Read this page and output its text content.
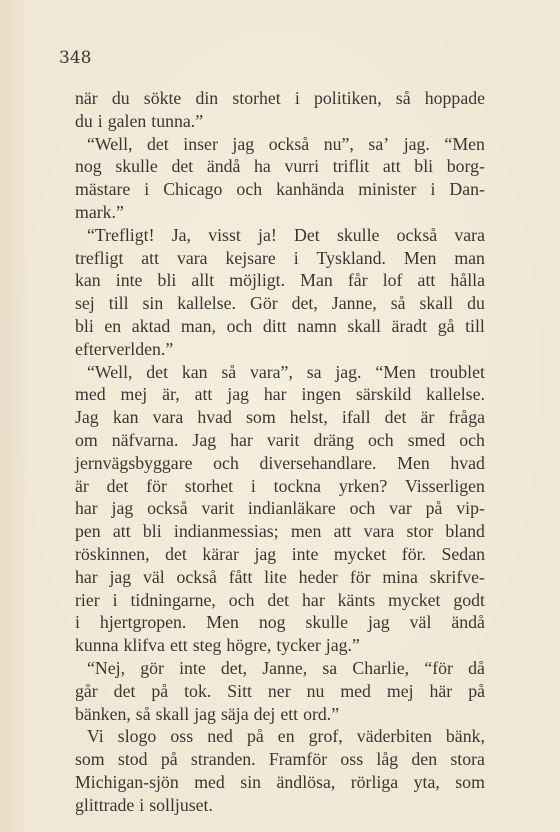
348
när du sökte din storhet i politiken, så hoppade
du i galen tunna.”
“Well, det inser jag också nu”, sa’ jag. “Men
nog skulle det ändå ha vurri triflit att bli borg-
mästare i Chicago och kanhända minister i Dan-
mark.”
“Trefligt! Ja, visst ja! Det skulle också vara
trefligt att vara kejsare i Tyskland. Men man
kan inte bli allt möjligt. Man får lof att hålla
sej till sin kallelse. Gör det, Janne, så skall du
bli en aktad man, och ditt namn skall äradt gå till
efterverlden.”
“Well, det kan så vara”, sa jag. “Men troublet
med mej är, att jag har ingen särskild kallelse.
Jag kan vara hvad som helst, ifall det är fråga
om näfvarna. Jag har varit dräng och smed och
jernvägsbyggare och diversehandlare. Men hvad
är det för storhet i tockna yrken? Visserligen
har jag också varit indianläkare och var på vip-
pen att bli indianmessias; men att vara stor bland
röskinnen, det kärar jag inte mycket för. Sedan
har jag väl också fått lite heder för mina skrifve-
rier i tidningarne, och det har känts mycket godt
i hjertgropen. Men nog skulle jag väl ändå
kunna klifva ett steg högre, tycker jag.”
“Nej, gör inte det, Janne, sa Charlie, “för då
går det på tok. Sitt ner nu med mej här på
bänken, så skall jag säja dej ett ord.”
Vi slogo oss ned på en grof, väderbiten bänk,
som stod på stranden. Framför oss låg den stora
Michigan-sjön med sin ändlösa, rörliga yta, som
glittrade i solljuset.
